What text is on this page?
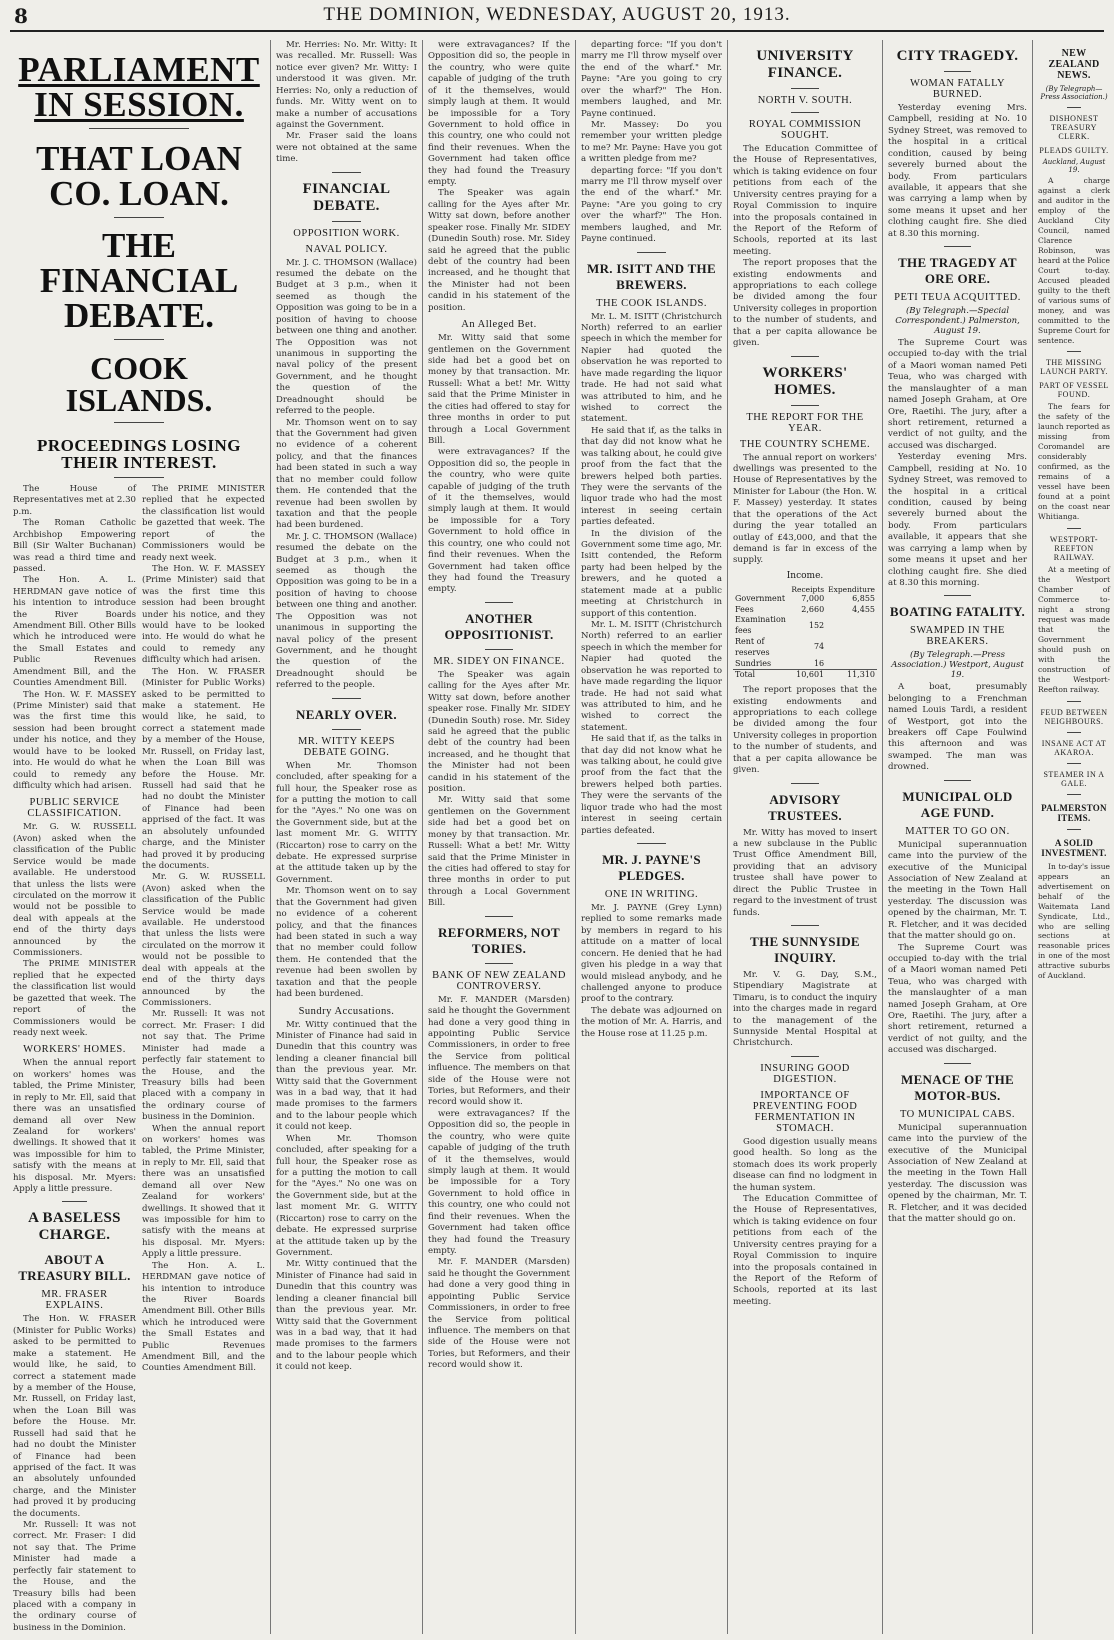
8	THE DOMINION, WEDNESDAY, AUGUST 20, 1913.
PARLIAMENT IN SESSION.
THAT LOAN CO. LOAN.
THE FINANCIAL DEBATE.
COOK ISLANDS.
PROCEEDINGS LOSING THEIR INTEREST.

The House of Representatives met at 2.30 p.m.

The Roman Catholic Archbishop Empowering Bill (Sir Walter Buchanan) was read a third time and passed.

The Hon. A. L. HERDMAN gave notice of his intention to introduce the River Boards Amendment Bill. Other Bills which he introduced were the Small Estates and Public Revenues Amendment Bill, and the Counties Amendment Bill.

The Hon. W. F. MASSEY (Prime Minister) said that was the first time this session had been brought under his notice, and they would have to be looked into. He would do what he could to remedy any difficulty which had arisen.

PUBLIC SERVICE CLASSIFICATION.

Mr. G. W. RUSSELL (Avon) asked when the classification of the Public Service would be made available. He understood that unless the lists were circulated on the morrow it would not be possible to deal with appeals at the end of the thirty days announced by the Commissioners.

The PRIME MINISTER replied that he expected the classification list would be gazetted that week. The report of the Commissioners would be ready next week.

WORKERS' HOMES.

When the annual report on workers' homes was tabled, the Prime Minister, in reply to Mr. Ell, said that there was an unsatisfied demand all over New Zealand for workers' dwellings. It showed that it was impossible for him to satisfy with the means at his disposal. Mr. Myers: Apply a little pressure.

A BASELESS CHARGE.
ABOUT A TREASURY BILL.
MR. FRASER EXPLAINS.

The Hon. W. FRASER (Minister for Public Works) asked to be permitted to make a statement. He would like, he said, to correct a statement made by a member of the House, Mr. Russell, on Friday last, when the Loan Bill was before the House. Mr. Russell had said that he had no doubt the Minister of Finance had been apprised of the fact. It was an absolutely unfounded charge, and the Minister had proved it by producing the documents.

Mr. Russell: It was not correct. Mr. Fraser: I did not say that. The Prime Minister had made a perfectly fair statement to the House, and the Treasury bills had been placed with a company in the ordinary course of business in the Dominion.

The PRIME MINISTER replied that he expected the classification list would be gazetted that week. The report of the Commissioners would be ready next week.

The Hon. W. F. MASSEY (Prime Minister) said that was the first time this session had been brought under his notice, and they would have to be looked into. He would do what he could to remedy any difficulty which had arisen.

The Hon. W. FRASER (Minister for Public Works) asked to be permitted to make a statement. He would like, he said, to correct a statement made by a member of the House, Mr. Russell, on Friday last, when the Loan Bill was before the House. Mr. Russell had said that he had no doubt the Minister of Finance had been apprised of the fact. It was an absolutely unfounded charge, and the Minister had proved it by producing the documents.

Mr. G. W. RUSSELL (Avon) asked when the classification of the Public Service would be made available. He understood that unless the lists were circulated on the morrow it would not be possible to deal with appeals at the end of the thirty days announced by the Commissioners.

Mr. Russell: It was not correct. Mr. Fraser: I did not say that. The Prime Minister had made a perfectly fair statement to the House, and the Treasury bills had been placed with a company in the ordinary course of business in the Dominion.

When the annual report on workers' homes was tabled, the Prime Minister, in reply to Mr. Ell, said that there was an unsatisfied demand all over New Zealand for workers' dwellings. It showed that it was impossible for him to satisfy with the means at his disposal. Mr. Myers: Apply a little pressure.

The Hon. A. L. HERDMAN gave notice of his intention to introduce the River Boards Amendment Bill. Other Bills which he introduced were the Small Estates and Public Revenues Amendment Bill, and the Counties Amendment Bill.

Mr. Herries: No. Mr. Witty: It was recalled. Mr. Russell: Was notice ever given? Mr. Witty: I understood it was given. Mr. Herries: No, only a reduction of funds. Mr. Witty went on to make a number of accusations against the Government.

Mr. Fraser said the loans were not obtained at the same time.

FINANCIAL DEBATE.
OPPOSITION WORK.
NAVAL POLICY.

Mr. J. C. THOMSON (Wallace) resumed the debate on the Budget at 3 p.m., when it seemed as though the Opposition was going to be in a position of having to choose between one thing and another. The Opposition was not unanimous in supporting the naval policy of the present Government, and he thought the question of the Dreadnought should be referred to the people.

Mr. Thomson went on to say that the Government had given no evidence of a coherent policy, and that the finances had been stated in such a way that no member could follow them. He contended that the revenue had been swollen by taxation and that the people had been burdened.

Mr. J. C. THOMSON (Wallace) resumed the debate on the Budget at 3 p.m., when it seemed as though the Opposition was going to be in a position of having to choose between one thing and another. The Opposition was not unanimous in supporting the naval policy of the present Government, and he thought the question of the Dreadnought should be referred to the people.

NEARLY OVER.
MR. WITTY KEEPS DEBATE GOING.

When Mr. Thomson concluded, after speaking for a full hour, the Speaker rose as for a putting the motion to call for the "Ayes." No one was on the Government side, but at the last moment Mr. G. WITTY (Riccarton) rose to carry on the debate. He expressed surprise at the attitude taken up by the Government.

Mr. Thomson went on to say that the Government had given no evidence of a coherent policy, and that the finances had been stated in such a way that no member could follow them. He contended that the revenue had been swollen by taxation and that the people had been burdened.

Sundry Accusations.

Mr. Witty continued that the Minister of Finance had said in Dunedin that this country was lending a cleaner financial bill than the previous year. Mr. Witty said that the Government was in a bad way, that it had made promises to the farmers and to the labour people which it could not keep.

When Mr. Thomson concluded, after speaking for a full hour, the Speaker rose as for a putting the motion to call for the "Ayes." No one was on the Government side, but at the last moment Mr. G. WITTY (Riccarton) rose to carry on the debate. He expressed surprise at the attitude taken up by the Government.

Mr. Witty continued that the Minister of Finance had said in Dunedin that this country was lending a cleaner financial bill than the previous year. Mr. Witty said that the Government was in a bad way, that it had made promises to the farmers and to the labour people which it could not keep.

were extravagances? If the Opposition did so, the people in the country, who were quite capable of judging of the truth of it the themselves, would simply laugh at them. It would be impossible for a Tory Government to hold office in this country, one who could not find their revenues. When the Government had taken office they had found the Treasury empty.

The Speaker was again calling for the Ayes after Mr. Witty sat down, before another speaker rose. Finally Mr. SIDEY (Dunedin South) rose. Mr. Sidey said he agreed that the public debt of the country had been increased, and he thought that the Minister had not been candid in his statement of the position.

An Alleged Bet.

Mr. Witty said that some gentlemen on the Government side had bet a good bet on money by that transaction. Mr. Russell: What a bet! Mr. Witty said that the Prime Minister in the cities had offered to stay for three months in order to put through a Local Government Bill.

were extravagances? If the Opposition did so, the people in the country, who were quite capable of judging of the truth of it the themselves, would simply laugh at them. It would be impossible for a Tory Government to hold office in this country, one who could not find their revenues. When the Government had taken office they had found the Treasury empty.

ANOTHER OPPOSITIONIST.
MR. SIDEY ON FINANCE.

The Speaker was again calling for the Ayes after Mr. Witty sat down, before another speaker rose. Finally Mr. SIDEY (Dunedin South) rose. Mr. Sidey said he agreed that the public debt of the country had been increased, and he thought that the Minister had not been candid in his statement of the position.

Mr. Witty said that some gentlemen on the Government side had bet a good bet on money by that transaction. Mr. Russell: What a bet! Mr. Witty said that the Prime Minister in the cities had offered to stay for three months in order to put through a Local Government Bill.

REFORMERS, NOT TORIES.
BANK OF NEW ZEALAND CONTROVERSY.

Mr. F. MANDER (Marsden) said he thought the Government had done a very good thing in appointing Public Service Commissioners, in order to free the Service from political influence. The members on that side of the House were not Tories, but Reformers, and their record would show it.

were extravagances? If the Opposition did so, the people in the country, who were quite capable of judging of the truth of it the themselves, would simply laugh at them. It would be impossible for a Tory Government to hold office in this country, one who could not find their revenues. When the Government had taken office they had found the Treasury empty.

Mr. F. MANDER (Marsden) said he thought the Government had done a very good thing in appointing Public Service Commissioners, in order to free the Service from political influence. The members on that side of the House were not Tories, but Reformers, and their record would show it.

departing force: "If you don't marry me I'll throw myself over the end of the wharf." Mr. Payne: "Are you going to cry over the wharf?" The Hon. members laughed, and Mr. Payne continued.

Mr. Massey: Do you remember your written pledge to me? Mr. Payne: Have you got a written pledge from me?

departing force: "If you don't marry me I'll throw myself over the end of the wharf." Mr. Payne: "Are you going to cry over the wharf?" The Hon. members laughed, and Mr. Payne continued.

MR. ISITT AND THE BREWERS.
THE COOK ISLANDS.

Mr. L. M. ISITT (Christchurch North) referred to an earlier speech in which the member for Napier had quoted the observation he was reported to have made regarding the liquor trade. He had not said what was attributed to him, and he wished to correct the statement.

He said that if, as the talks in that day did not know what he was talking about, he could give proof from the fact that the brewers helped both parties. They were the servants of the liquor trade who had the most interest in seeing certain parties defeated.

In the division of the Government some time ago, Mr. Isitt contended, the Reform party had been helped by the brewers, and he quoted a statement made at a public meeting at Christchurch in support of this contention.

Mr. L. M. ISITT (Christchurch North) referred to an earlier speech in which the member for Napier had quoted the observation he was reported to have made regarding the liquor trade. He had not said what was attributed to him, and he wished to correct the statement.

He said that if, as the talks in that day did not know what he was talking about, he could give proof from the fact that the brewers helped both parties. They were the servants of the liquor trade who had the most interest in seeing certain parties defeated.

MR. J. PAYNE'S PLEDGES.
ONE IN WRITING.

Mr. J. PAYNE (Grey Lynn) replied to some remarks made by members in regard to his attitude on a matter of local concern. He denied that he had given his pledge in a way that would mislead anybody, and he challenged anyone to produce proof to the contrary.

The debate was adjourned on the motion of Mr. A. Harris, and the House rose at 11.25 p.m.

UNIVERSITY FINANCE.
NORTH V. SOUTH.
ROYAL COMMISSION SOUGHT.

The Education Committee of the House of Representatives, which is taking evidence on four petitions from each of the University centres praying for a Royal Commission to inquire into the proposals contained in the Report of the Reform of Schools, reported at its last meeting.

The report proposes that the existing endowments and appropriations to each college be divided among the four University colleges in proportion to the number of students, and that a per capita allowance be given.

WORKERS' HOMES.
THE REPORT FOR THE YEAR.
THE COUNTRY SCHEME.

The annual report on workers' dwellings was presented to the House of Representatives by the Minister for Labour (the Hon. W. F. Massey) yesterday. It states that the operations of the Act during the year totalled an outlay of £43,000, and that the demand is far in excess of the supply.

Income.
	Receipts	Expenditure
Government	7,000	6,855
Fees	2,660	4,455
Examination fees	152	
Rent of reserves	74	
Sundries	16	
Total	10,601	11,310

The report proposes that the existing endowments and appropriations to each college be divided among the four University colleges in proportion to the number of students, and that a per capita allowance be given.

ADVISORY TRUSTEES.

Mr. Witty has moved to insert a new subclause in the Public Trust Office Amendment Bill, providing that an advisory trustee shall have power to direct the Public Trustee in regard to the investment of trust funds.

THE SUNNYSIDE INQUIRY.

Mr. V. G. Day, S.M., Stipendiary Magistrate at Timaru, is to conduct the inquiry into the charges made in regard to the management of the Sunnyside Mental Hospital at Christchurch.

INSURING GOOD DIGESTION.
IMPORTANCE OF PREVENTING FOOD FERMENTATION IN STOMACH.

Good digestion usually means good health. So long as the stomach does its work properly disease can find no lodgment in the human system.

The Education Committee of the House of Representatives, which is taking evidence on four petitions from each of the University centres praying for a Royal Commission to inquire into the proposals contained in the Report of the Reform of Schools, reported at its last meeting.

CITY TRAGEDY.
WOMAN FATALLY BURNED.

Yesterday evening Mrs. Campbell, residing at No. 10 Sydney Street, was removed to the hospital in a critical condition, caused by being severely burned about the body. From particulars available, it appears that she was carrying a lamp when by some means it upset and her clothing caught fire. She died at 8.30 this morning.

THE TRAGEDY AT ORE ORE.
PETI TEUA ACQUITTED.
(By Telegraph.—Special Correspondent.) Palmerston, August 19.

The Supreme Court was occupied to-day with the trial of a Maori woman named Peti Teua, who was charged with the manslaughter of a man named Joseph Graham, at Ore Ore, Raetihi. The jury, after a short retirement, returned a verdict of not guilty, and the accused was discharged.

Yesterday evening Mrs. Campbell, residing at No. 10 Sydney Street, was removed to the hospital in a critical condition, caused by being severely burned about the body. From particulars available, it appears that she was carrying a lamp when by some means it upset and her clothing caught fire. She died at 8.30 this morning.

BOATING FATALITY.
SWAMPED IN THE BREAKERS.
(By Telegraph.—Press Association.) Westport, August 19.

A boat, presumably belonging to a Frenchman named Louis Tardi, a resident of Westport, got into the breakers off Cape Foulwind this afternoon and was swamped. The man was drowned.

MUNICIPAL OLD AGE FUND.
MATTER TO GO ON.

Municipal superannuation came into the purview of the executive of the Municipal Association of New Zealand at the meeting in the Town Hall yesterday. The discussion was opened by the chairman, Mr. T. R. Fletcher, and it was decided that the matter should go on.

The Supreme Court was occupied to-day with the trial of a Maori woman named Peti Teua, who was charged with the manslaughter of a man named Joseph Graham, at Ore Ore, Raetihi. The jury, after a short retirement, returned a verdict of not guilty, and the accused was discharged.

MENACE OF THE MOTOR-BUS.
TO MUNICIPAL CABS.

Municipal superannuation came into the purview of the executive of the Municipal Association of New Zealand at the meeting in the Town Hall yesterday. The discussion was opened by the chairman, Mr. T. R. Fletcher, and it was decided that the matter should go on.

NEW ZEALAND NEWS.
(By Telegraph—Press Association.)
DISHONEST TREASURY CLERK.
PLEADS GUILTY.
Auckland, August 19.

A charge against a clerk and auditor in the employ of the Auckland City Council, named Clarence Robinson, was heard at the Police Court to-day. Accused pleaded guilty to the theft of various sums of money, and was committed to the Supreme Court for sentence.

THE MISSING LAUNCH PARTY.
PART OF VESSEL FOUND.

The fears for the safety of the launch reported as missing from Coromandel are considerably confirmed, as the remains of a vessel have been found at a point on the coast near Whitianga.

WESTPORT-REEFTON RAILWAY.

At a meeting of the Westport Chamber of Commerce to-night a strong request was made that the Government should push on with the construction of the Westport-Reefton railway.

FEUD BETWEEN NEIGHBOURS.
INSANE ACT AT AKAROA.
STEAMER IN A GALE.
PALMERSTON ITEMS.
A SOLID INVESTMENT.

In to-day's issue appears an advertisement on behalf of the Waitemata Land Syndicate, Ltd., who are selling sections at reasonable prices in one of the most attractive suburbs of Auckland.
